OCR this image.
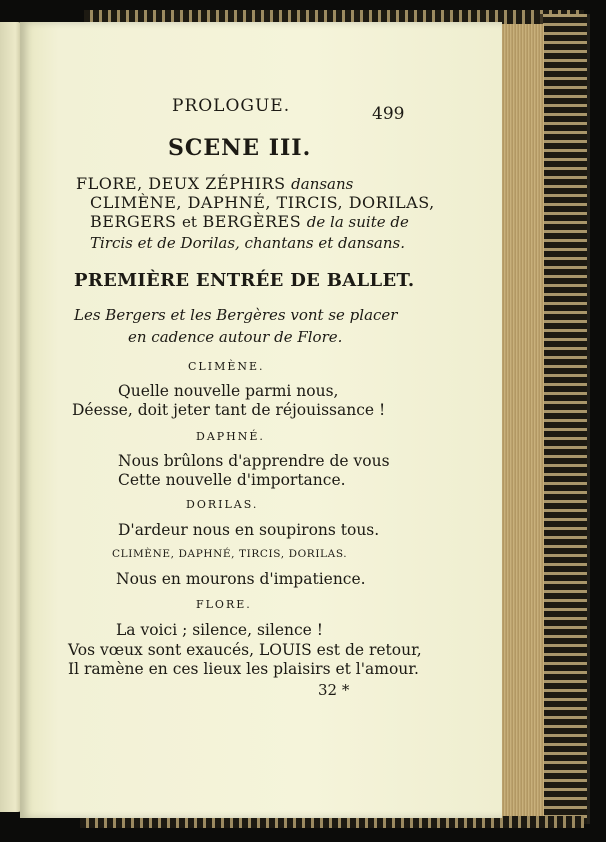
PROLOGUE.	499

SCENE III.

FLORE, DEUX ZÉPHIRS dansans

CLIMÈNE, DAPHNÉ, TIRCIS, DORILAS,

BERGERS et BERGÈRES de la suite de

Tircis et de Dorilas, chantans et dansans.

PREMIÈRE ENTRÉE DE BALLET.

Les Bergers et les Bergères vont se placer

en cadence autour de Flore.

CLIMÈNE.

Quelle nouvelle parmi nous,

Déesse, doit jeter tant de réjouissance !

DAPHNÉ.

Nous brûlons d'apprendre de vous

Cette nouvelle d'importance.

DORILAS.

D'ardeur nous en soupirons tous.

CLIMÈNE, DAPHNÉ, TIRCIS, DORILAS.

Nous en mourons d'impatience.

FLORE.

La voici ; silence, silence !

Vos vœux sont exaucés, LOUIS est de retour,

Il ramène en ces lieux les plaisirs et l'amour.

32 *
